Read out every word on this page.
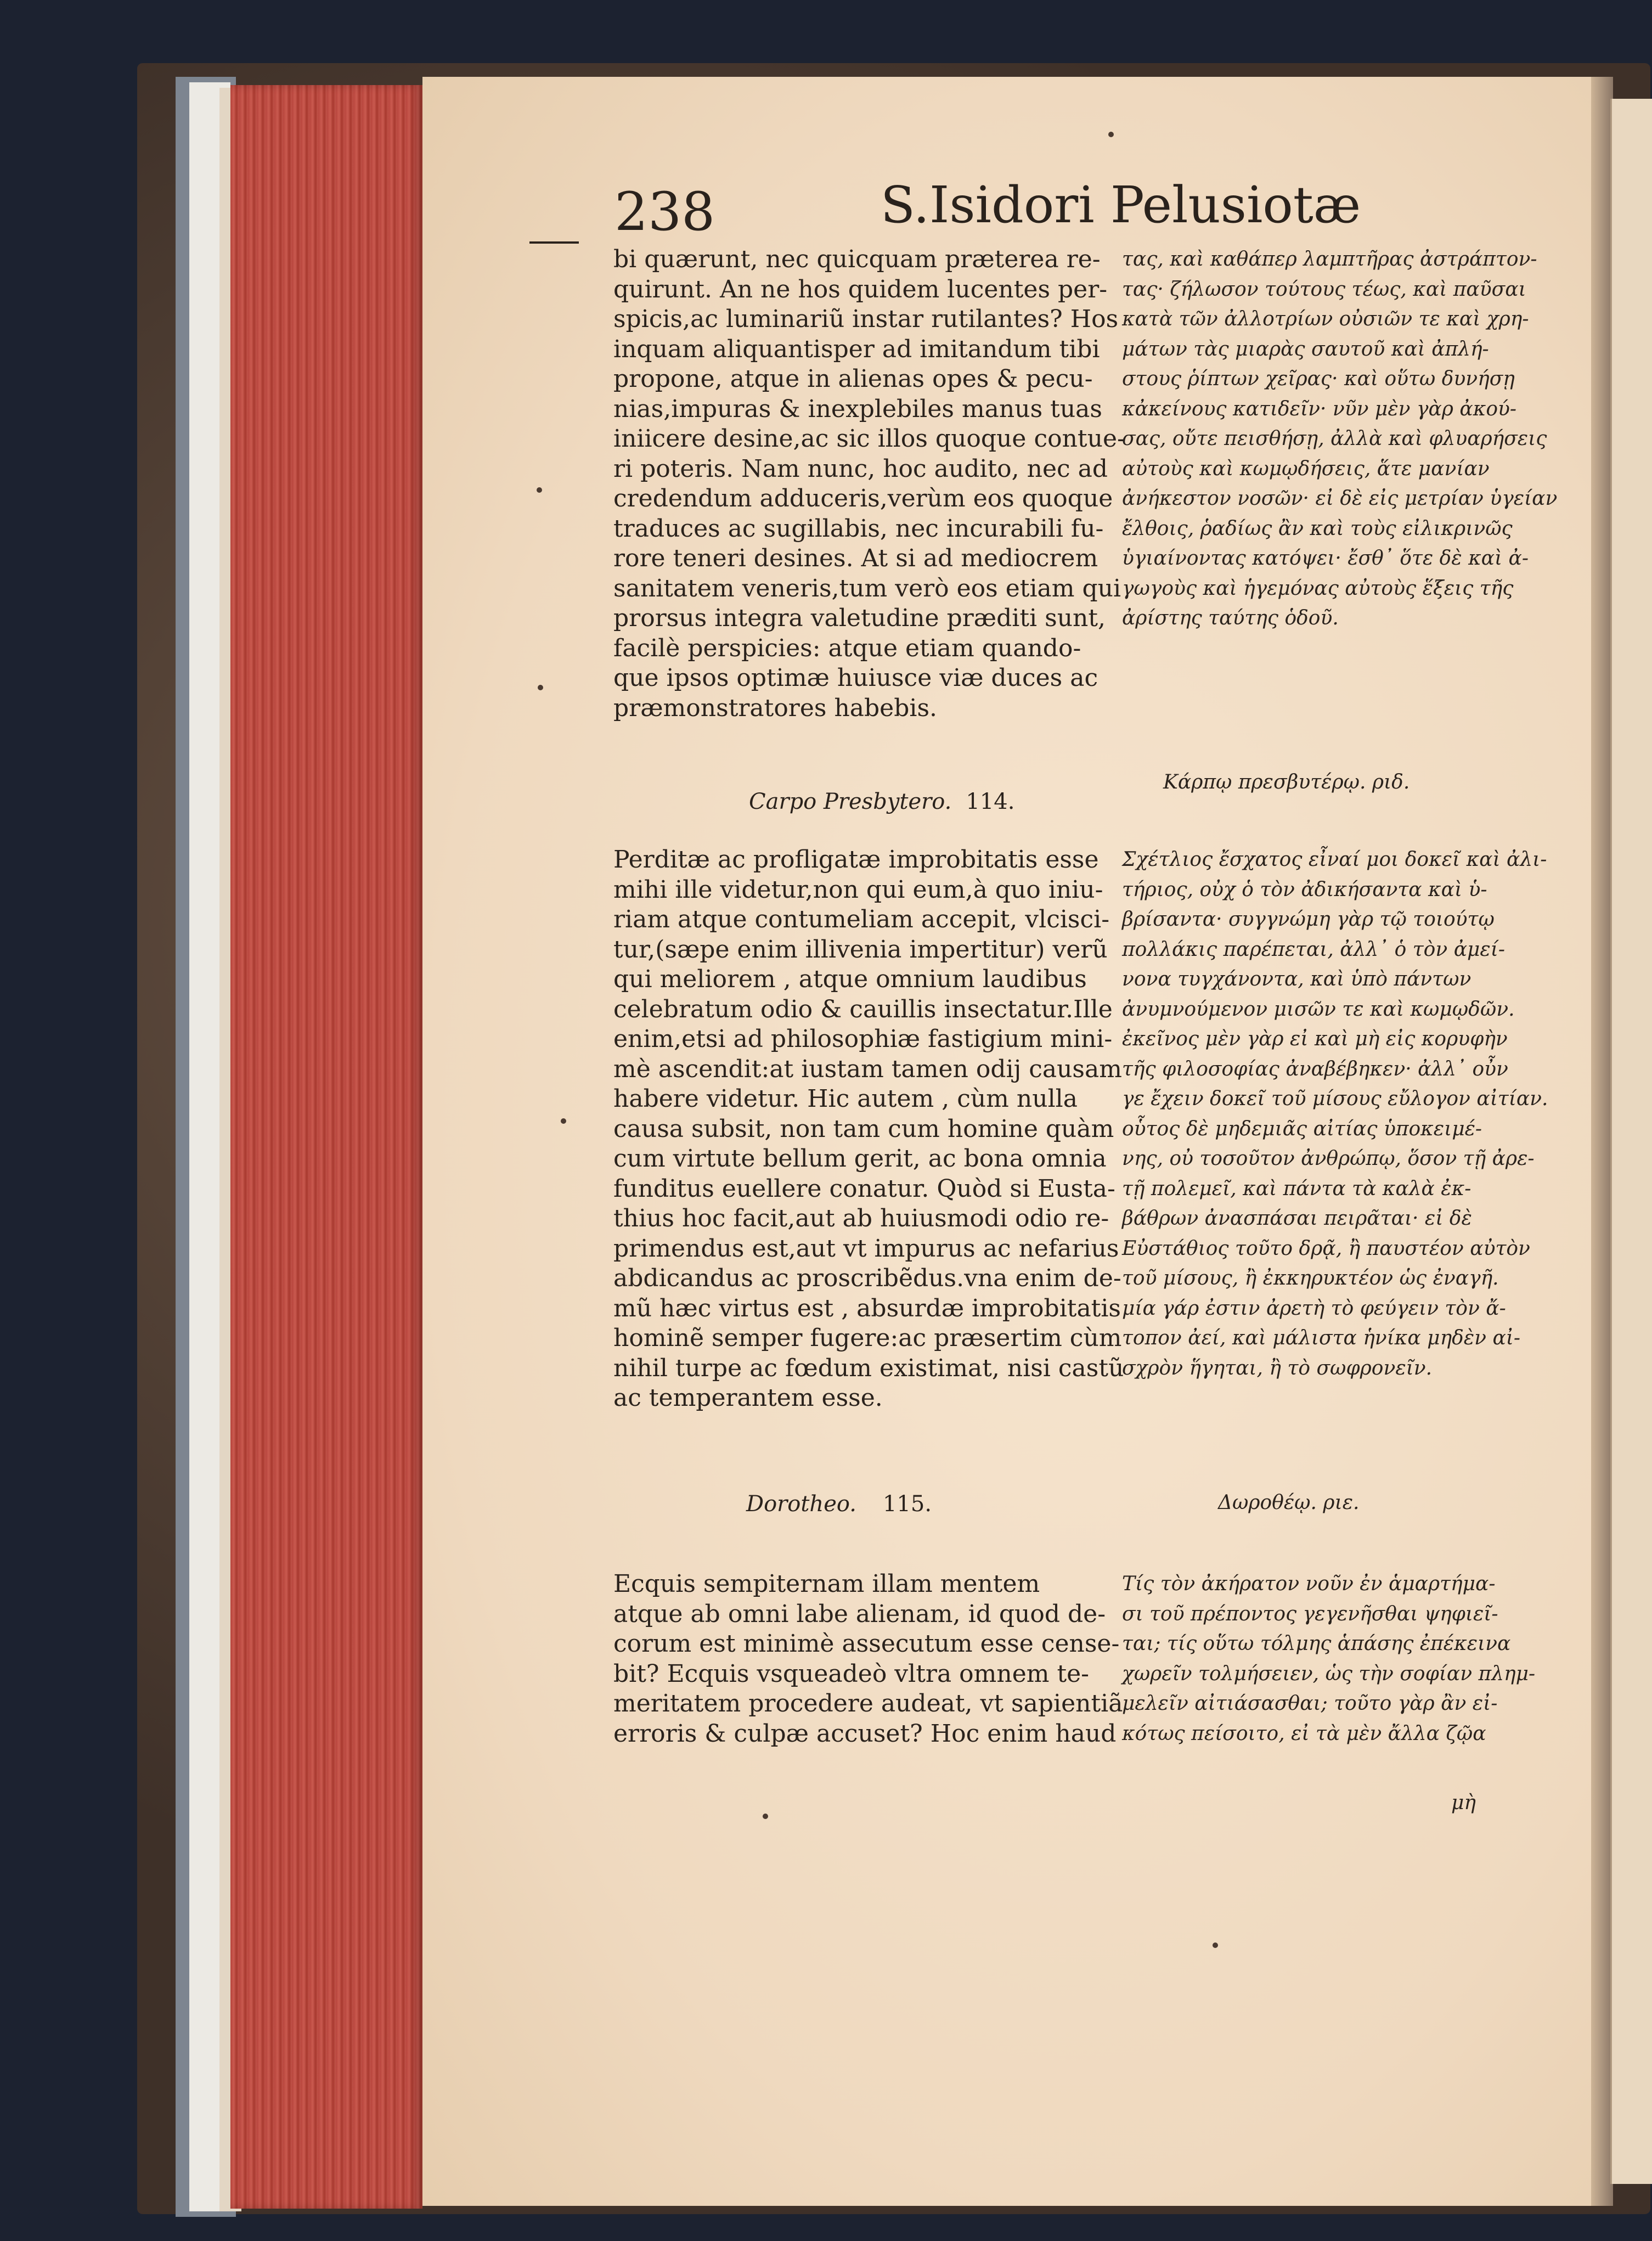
238	S.Isidori Pelusiotæ
bi quærunt, nec quicquam præterea re-
quirunt. An ne hos quidem lucentes per-
spicis,ac luminariũ instar rutilantes? Hos
inquam aliquantisper ad imitandum tibi
propone, atque in alienas opes & pecu-
nias,impuras & inexplebiles manus tuas
iniicere desine,ac sic illos quoque contue-
ri poteris. Nam nunc, hoc audito, nec ad
credendum adduceris,verùm eos quoque
traduces ac sugillabis, nec incurabili fu-
rore teneri desines. At si ad mediocrem
sanitatem veneris,tum verò eos etiam qui
prorsus integra valetudine præditi sunt,
facilè perspicies: atque etiam quando-
que ipsos optimæ huiusce viæ duces ac
præmonstratores habebis.
τας, καὶ καθάπερ λαμπτῆρας ἀστράπτον-
τας· ζήλωσον τούτους τέως, καὶ παῦσαι
κατὰ τῶν ἀλλοτρίων οὐσιῶν τε καὶ χρη-
μάτων τὰς μιαρὰς σαυτοῦ καὶ ἀπλή-
στους ῥίπτων χεῖρας· καὶ οὕτω δυνήσῃ
κἀκείνους κατιδεῖν· νῦν μὲν γὰρ ἀκού-
σας, οὔτε πεισθήσῃ, ἀλλὰ καὶ φλυαρήσεις
αὐτοὺς καὶ κωμῳδήσεις, ἅτε μανίαν
ἀνήκεστον νοσῶν· εἰ δὲ εἰς μετρίαν ὑγείαν
ἔλθοις, ῥαδίως ἂν καὶ τοὺς εἰλικρινῶς
ὑγιαίνοντας κατόψει· ἔσθ᾽ ὅτε δὲ καὶ ἀ-
γωγοὺς καὶ ἡγεμόνας αὐτοὺς ἕξεις τῆς
ἀρίστης ταύτης ὁδοῦ.
Carpo Presbytero. 114.
Κάρπῳ πρεσβυτέρῳ. ριδ.
Perditæ ac profligatæ improbitatis esse
mihi ille videtur,non qui eum,à quo iniu-
riam atque contumeliam accepit, vlcisci-
tur,(sæpe enim illivenia impertitur) verũ
qui meliorem , atque omnium laudibus
celebratum odio & cauillis insectatur.Ille
enim,etsi ad philosophiæ fastigium mini-
mè ascendit:at iustam tamen odij causam
habere videtur. Hic autem , cùm nulla
causa subsit, non tam cum homine quàm
cum virtute bellum gerit, ac bona omnia
funditus euellere conatur. Quòd si Eusta-
thius hoc facit,aut ab huiusmodi odio re-
primendus est,aut vt impurus ac nefarius
abdicandus ac proscribẽdus.vna enim de-
mũ hæc virtus est , absurdæ improbitatis
hominẽ semper fugere:ac præsertim cùm
nihil turpe ac fœdum existimat, nisi castũ
ac temperantem esse.
Σχέτλιος ἔσχατος εἶναί μοι δοκεῖ καὶ ἀλι-
τήριος, οὐχ ὁ τὸν ἀδικήσαντα καὶ ὑ-
βρίσαντα· συγγνώμη γὰρ τῷ τοιούτῳ
πολλάκις παρέπεται, ἀλλ᾽ ὁ τὸν ἀμεί-
νονα τυγχάνοντα, καὶ ὑπὸ πάντων
ἀνυμνούμενον μισῶν τε καὶ κωμῳδῶν.
ἐκεῖνος μὲν γὰρ εἰ καὶ μὴ εἰς κορυφὴν
τῆς φιλοσοφίας ἀναβέβηκεν· ἀλλ᾽ οὖν
γε ἔχειν δοκεῖ τοῦ μίσους εὔλογον αἰτίαν.
οὗτος δὲ μηδεμιᾶς αἰτίας ὑποκειμέ-
νης, οὐ τοσοῦτον ἀνθρώπῳ, ὅσον τῇ ἀρε-
τῇ πολεμεῖ, καὶ πάντα τὰ καλὰ ἐκ-
βάθρων ἀνασπάσαι πειρᾶται· εἰ δὲ
Εὐστάθιος τοῦτο δρᾷ, ἢ παυστέον αὐτὸν
τοῦ μίσους, ἢ ἐκκηρυκτέον ὡς ἐναγῆ.
μία γάρ ἐστιν ἀρετὴ τὸ φεύγειν τὸν ἄ-
τοπον ἀεί, καὶ μάλιστα ἡνίκα μηδὲν αἰ-
σχρὸν ἥγηται, ἢ τὸ σωφρονεῖν.
Dorotheo. 115.	Δωροθέῳ. ριε.
Ecquis sempiternam illam mentem
atque ab omni labe alienam, id quod de-
corum est minimè assecutum esse cense-
bit? Ecquis vsqueadeò vltra omnem te-
meritatem procedere audeat, vt sapientiã
erroris & culpæ accuset? Hoc enim haud
Τίς τὸν ἀκήρατον νοῦν ἐν ἁμαρτήμα-
σι τοῦ πρέποντος γεγενῆσθαι ψηφιεῖ-
ται; τίς οὕτω τόλμης ἁπάσης ἐπέκεινα
χωρεῖν τολμήσειεν, ὡς τὴν σοφίαν πλημ-
μελεῖν αἰτιάσασθαι; τοῦτο γὰρ ἂν εἰ-
κότως πείσοιτο, εἰ τὰ μὲν ἄλλα ζῷα
μὴ
